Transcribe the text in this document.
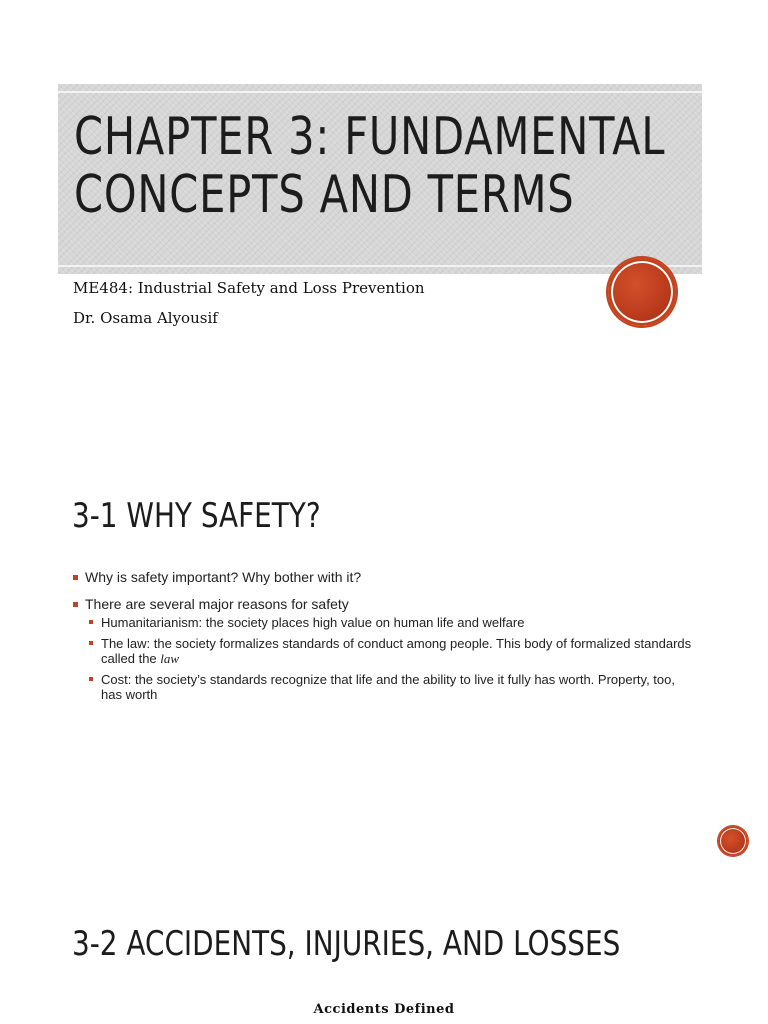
CHAPTER 3: FUNDAMENTAL
CONCEPTS AND TERMS

ME484: Industrial Safety and Loss Prevention

Dr. Osama Alyousif

3-1 WHY SAFETY?
Why is safety important? Why bother with it?
There are several major reasons for safety
Humanitarianism: the society places high value on human life and welfare
The law: the society formalizes standards of conduct among people. This body of formalized standards called the law
Cost: the society’s standards recognize that life and the ability to live it fully has worth. Property, too, has worth
3-2 ACCIDENTS, INJURIES, AND LOSSES

Accidents Defined
